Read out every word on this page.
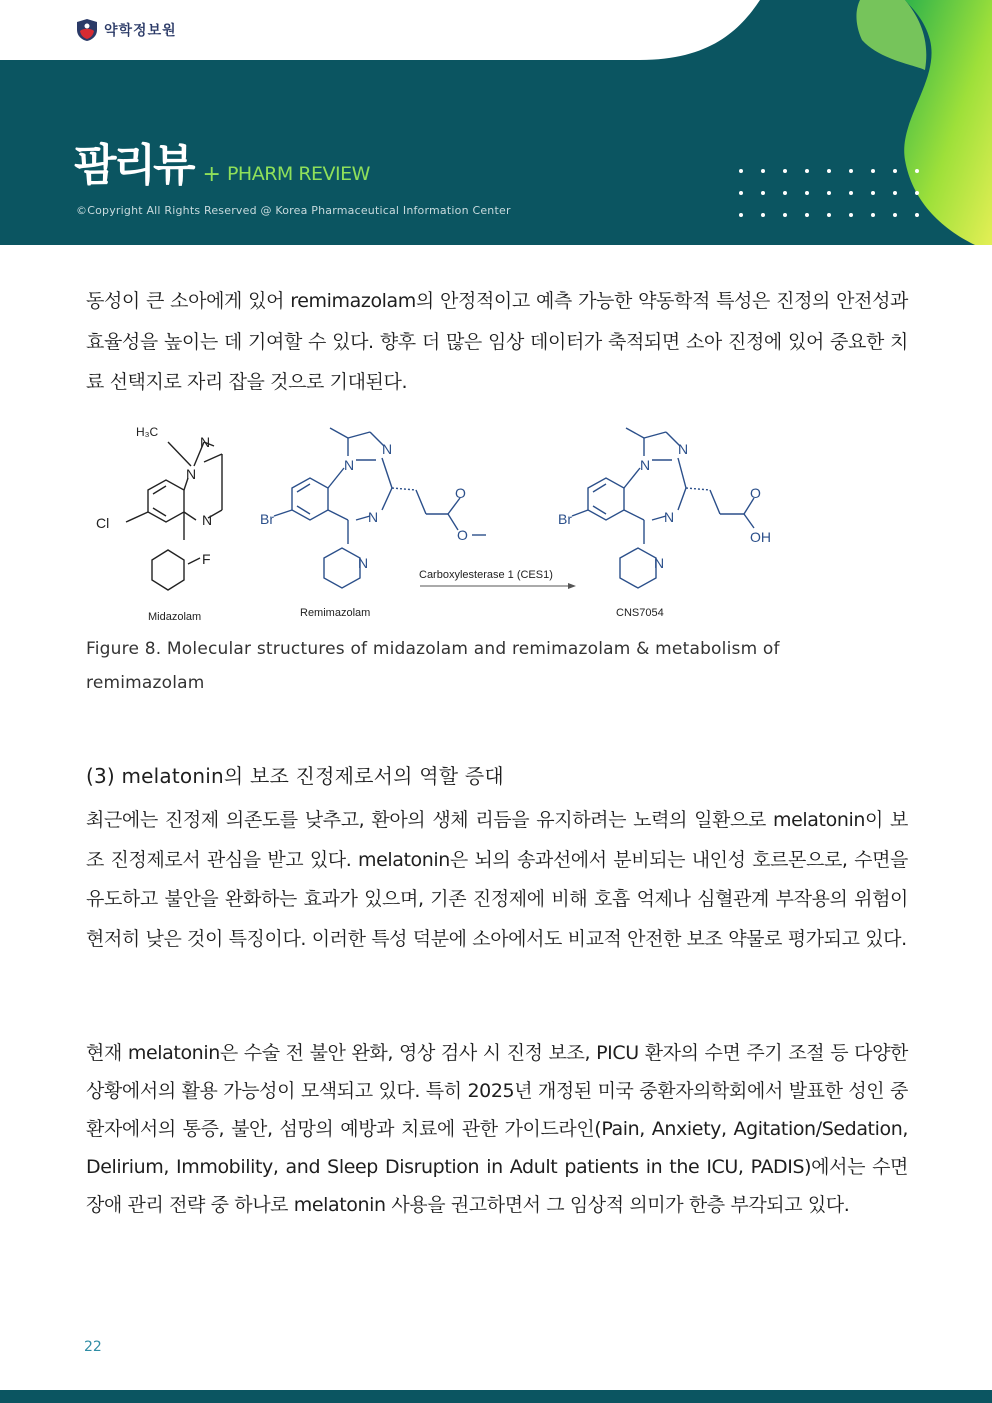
약학정보원
팜리뷰 + PHARM REVIEW
©Copyright All Rights Reserved @ Korea Pharmaceutical Information Center

동성이 큰 소아에게 있어 remimazolam의 안정적이고 예측 가능한 약동학적 특성은 진정의 안전성과 효율성을 높이는 데 기여할 수 있다. 향후 더 많은 임상 데이터가 축적되면 소아 진정에 있어 중요한 치료 선택지로 자리 잡을 것으로 기대된다.

H₃C
N
N
N
Cl
F
Midazolam
N
N
N
N
Br
O
O
Remimazolam
Carboxylesterase 1 (CES1)
N
N
N
N
Br
O
OH
CNS7054

Figure 8. Molecular structures of midazolam and remimazolam & metabolism of
remimazolam

(3) melatonin의 보조 진정제로서의 역할 증대

최근에는 진정제 의존도를 낮추고, 환아의 생체 리듬을 유지하려는 노력의 일환으로 melatonin이 보조 진정제로서 관심을 받고 있다. melatonin은 뇌의 송과선에서 분비되는 내인성 호르몬으로, 수면을 유도하고 불안을 완화하는 효과가 있으며, 기존 진정제에 비해 호흡 억제나 심혈관계 부작용의 위험이 현저히 낮은 것이 특징이다. 이러한 특성 덕분에 소아에서도 비교적 안전한 보조 약물로 평가되고 있다.

현재 melatonin은 수술 전 불안 완화, 영상 검사 시 진정 보조, PICU 환자의 수면 주기 조절 등 다양한 상황에서의 활용 가능성이 모색되고 있다. 특히 2025년 개정된 미국 중환자의학회에서 발표한 성인 중환자에서의 통증, 불안, 섬망의 예방과 치료에 관한 가이드라인(Pain, Anxiety, Agitation/Sedation, Delirium, Immobility, and Sleep Disruption in Adult patients in the ICU, PADIS)에서는 수면장애 관리 전략 중 하나로 melatonin 사용을 권고하면서 그 임상적 의미가 한층 부각되고 있다.

22
